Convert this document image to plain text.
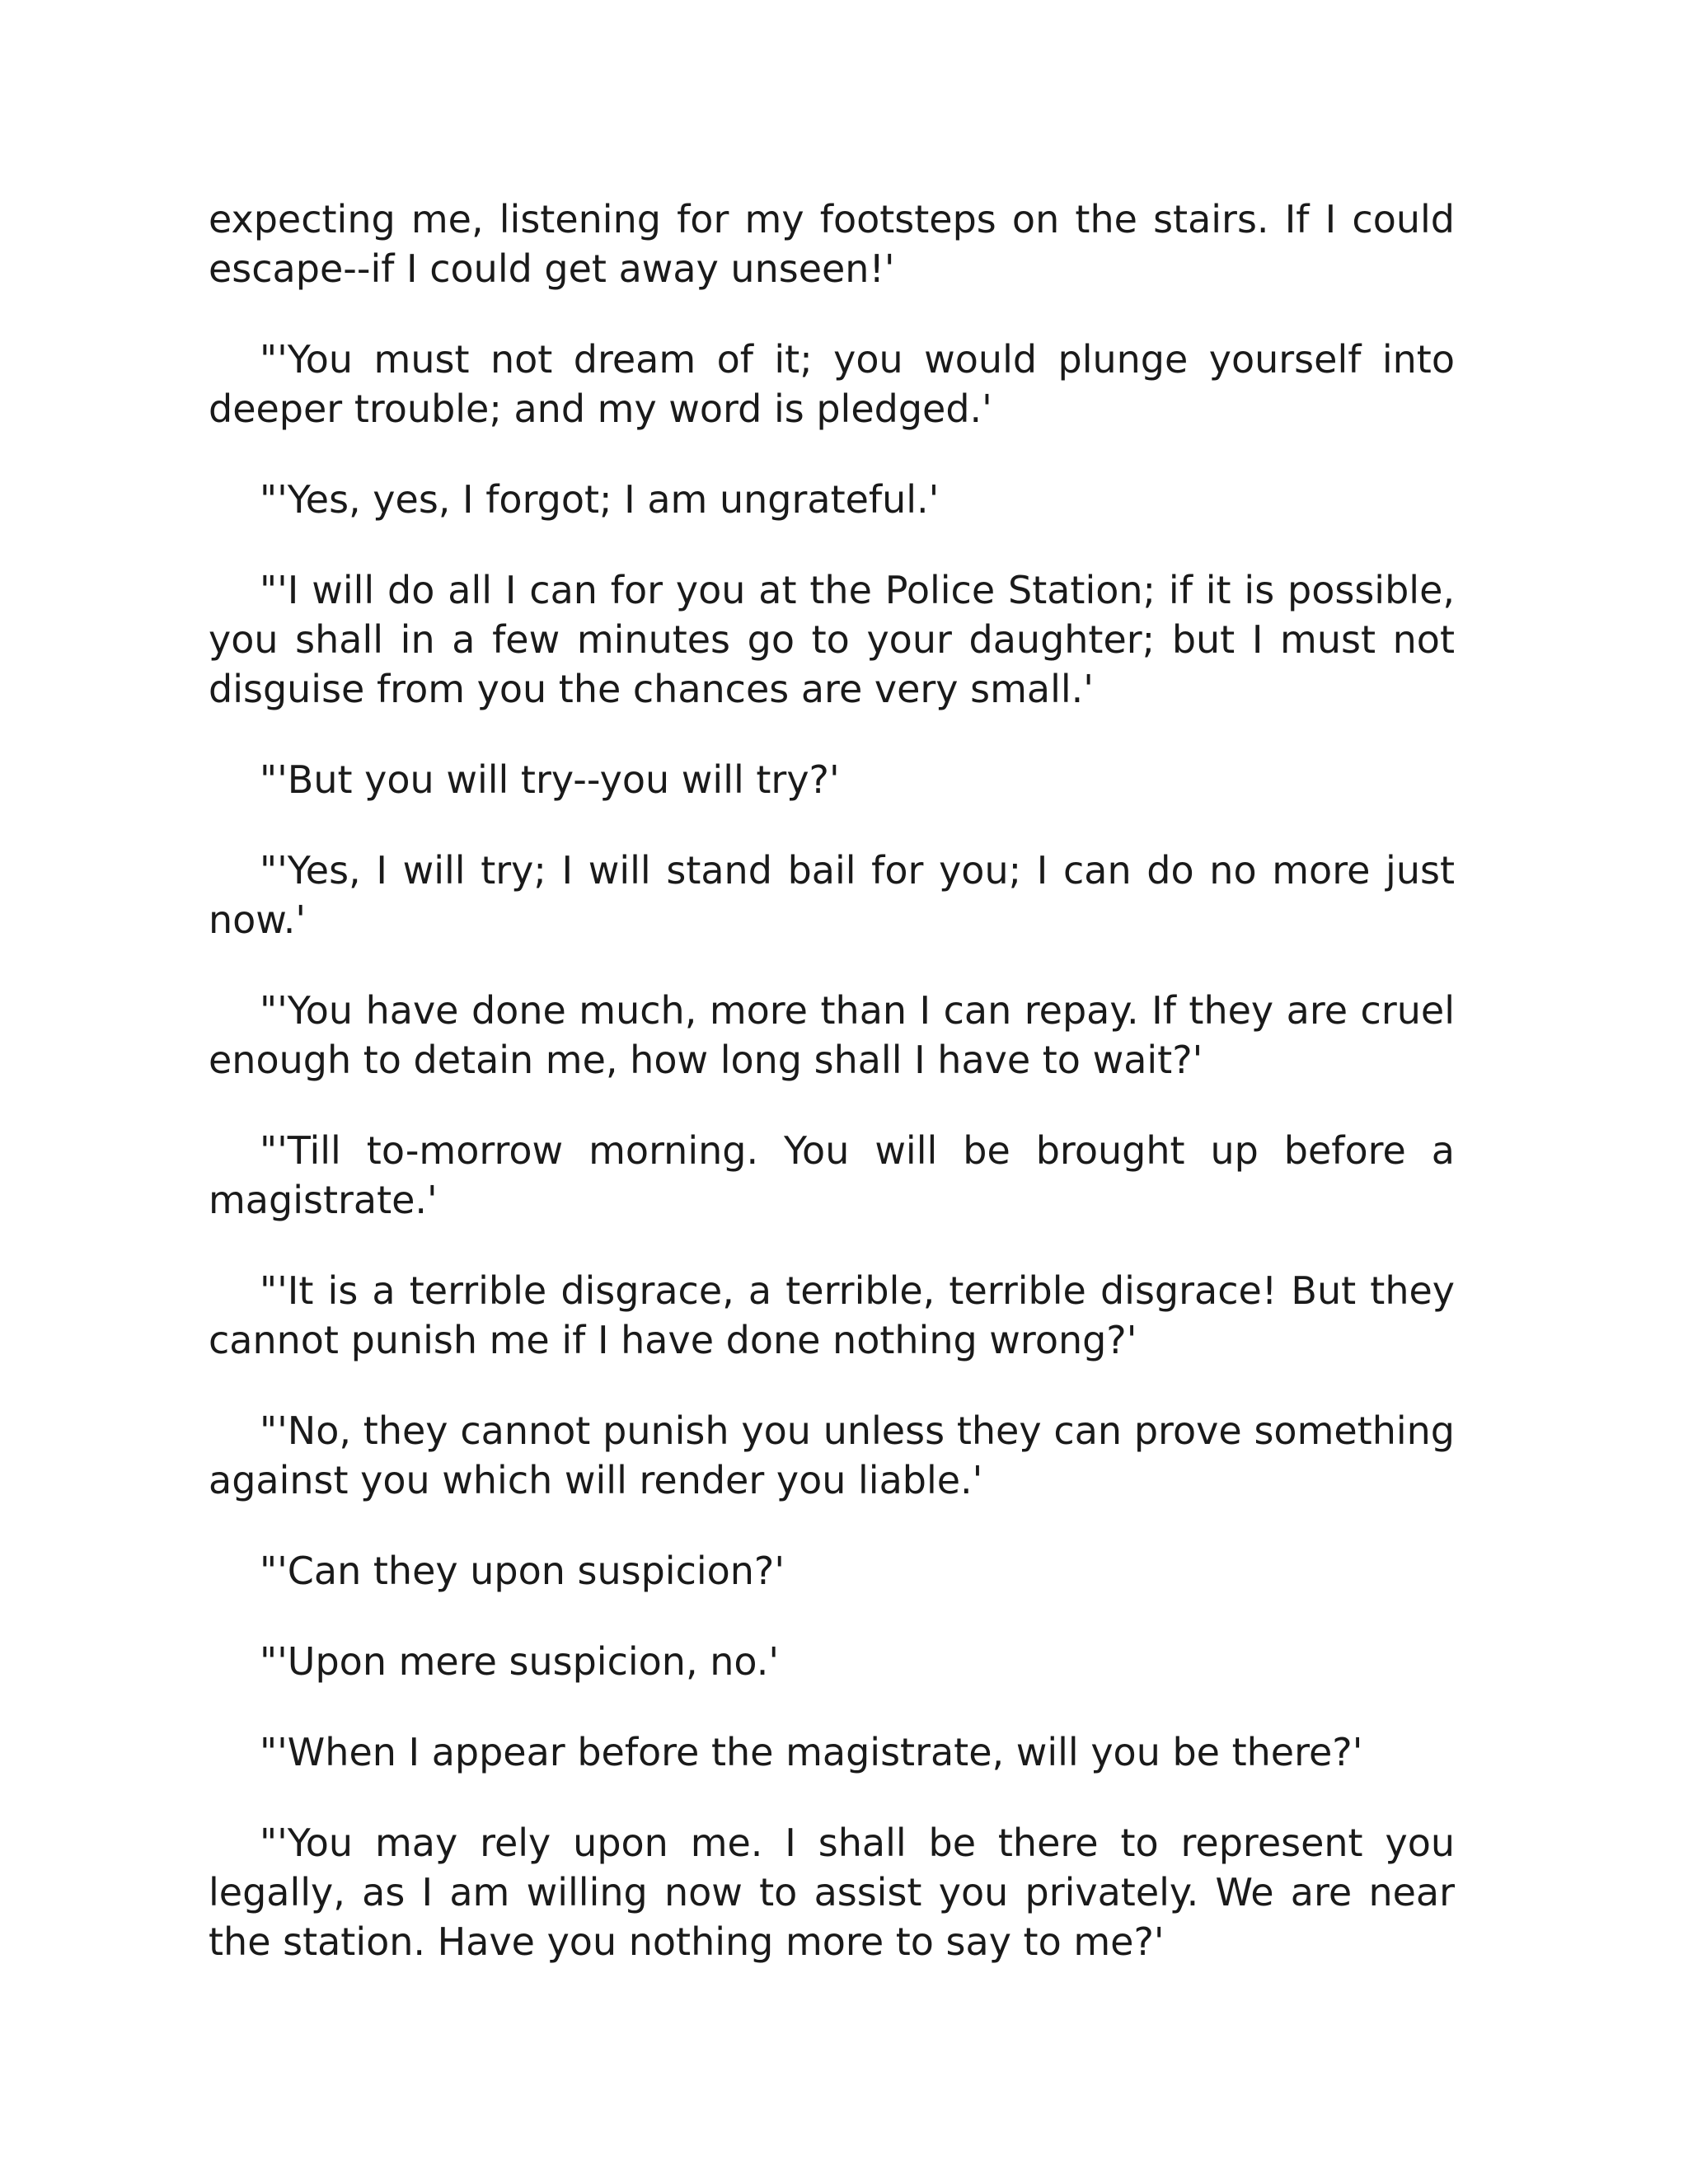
expecting me, listening for my footsteps on the stairs. If I could escape--if I could get away unseen!'

"'You must not dream of it; you would plunge yourself into deeper trouble; and my word is pledged.'

"'Yes, yes, I forgot; I am ungrateful.'

"'I will do all I can for you at the Police Station; if it is possible, you shall in a few minutes go to your daughter; but I must not disguise from you the chances are very small.'

"'But you will try--you will try?'

"'Yes, I will try; I will stand bail for you; I can do no more just now.'

"'You have done much, more than I can repay. If they are cruel enough to detain me, how long shall I have to wait?'

"'Till to-morrow morning. You will be brought up before a magistrate.'

"'It is a terrible disgrace, a terrible, terrible disgrace! But they cannot punish me if I have done nothing wrong?'

"'No, they cannot punish you unless they can prove something against you which will render you liable.'

"'Can they upon suspicion?'

"'Upon mere suspicion, no.'

"'When I appear before the magistrate, will you be there?'

"'You may rely upon me. I shall be there to represent you legally, as I am willing now to assist you privately. We are near the station. Have you nothing more to say to me?'
